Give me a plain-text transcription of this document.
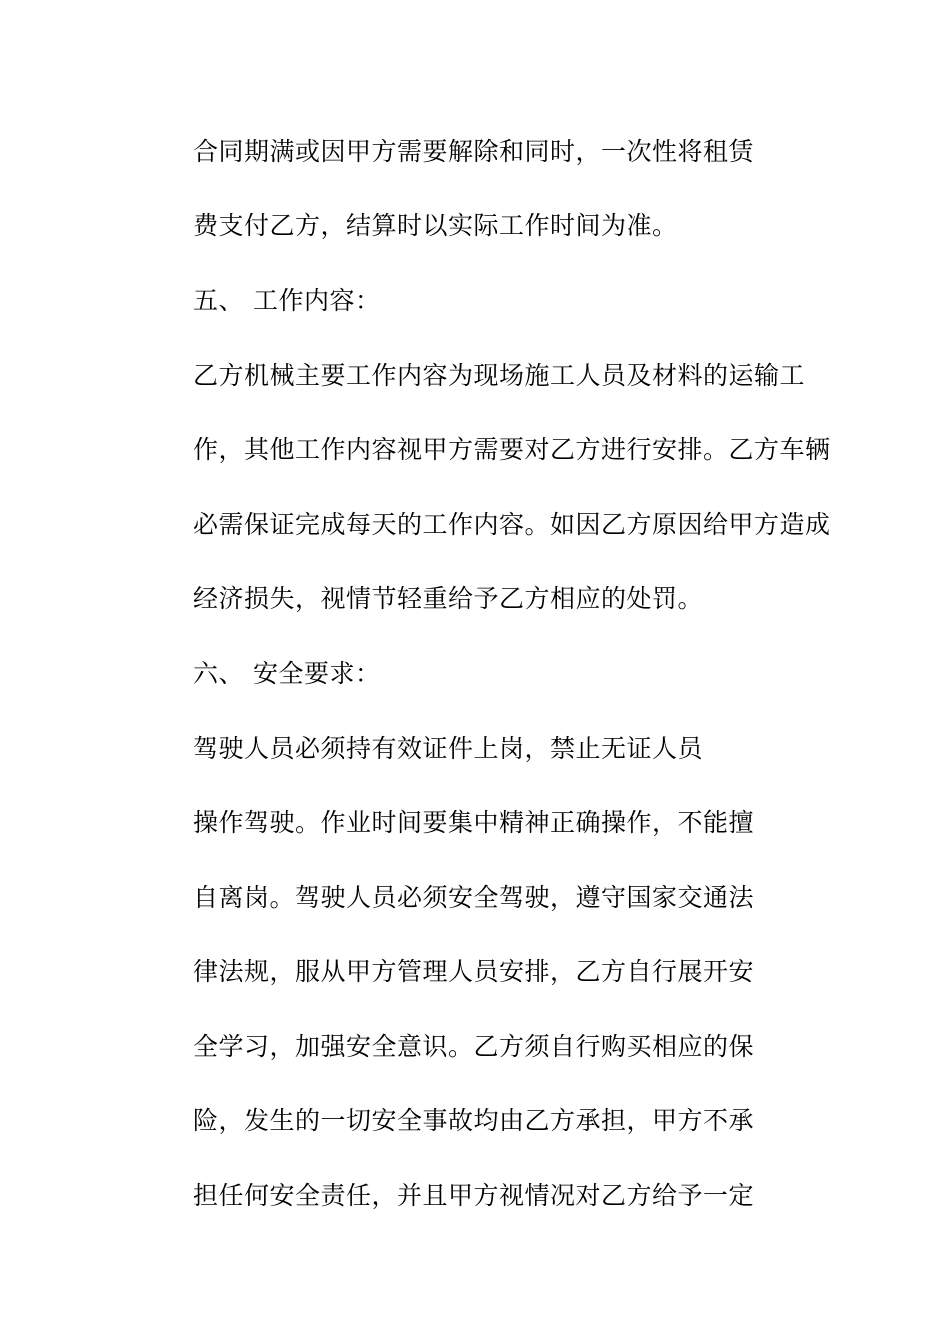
合同期满或因甲方需要解除和同时，一次性将租赁
费支付乙方，结算时以实际工作时间为准。
五、 工作内容：
乙方机械主要工作内容为现场施工人员及材料的运输工
作，其他工作内容视甲方需要对乙方进行安排。乙方车辆
必需保证完成每天的工作内容。如因乙方原因给甲方造成
经济损失，视情节轻重给予乙方相应的处罚。
六、 安全要求：
驾驶人员必须持有效证件上岗，禁止无证人员
操作驾驶。作业时间要集中精神正确操作，不能擅
自离岗。驾驶人员必须安全驾驶，遵守国家交通法
律法规，服从甲方管理人员安排，乙方自行展开安
全学习，加强安全意识。乙方须自行购买相应的保
险，发生的一切安全事故均由乙方承担，甲方不承
担任何安全责任，并且甲方视情况对乙方给予一定
